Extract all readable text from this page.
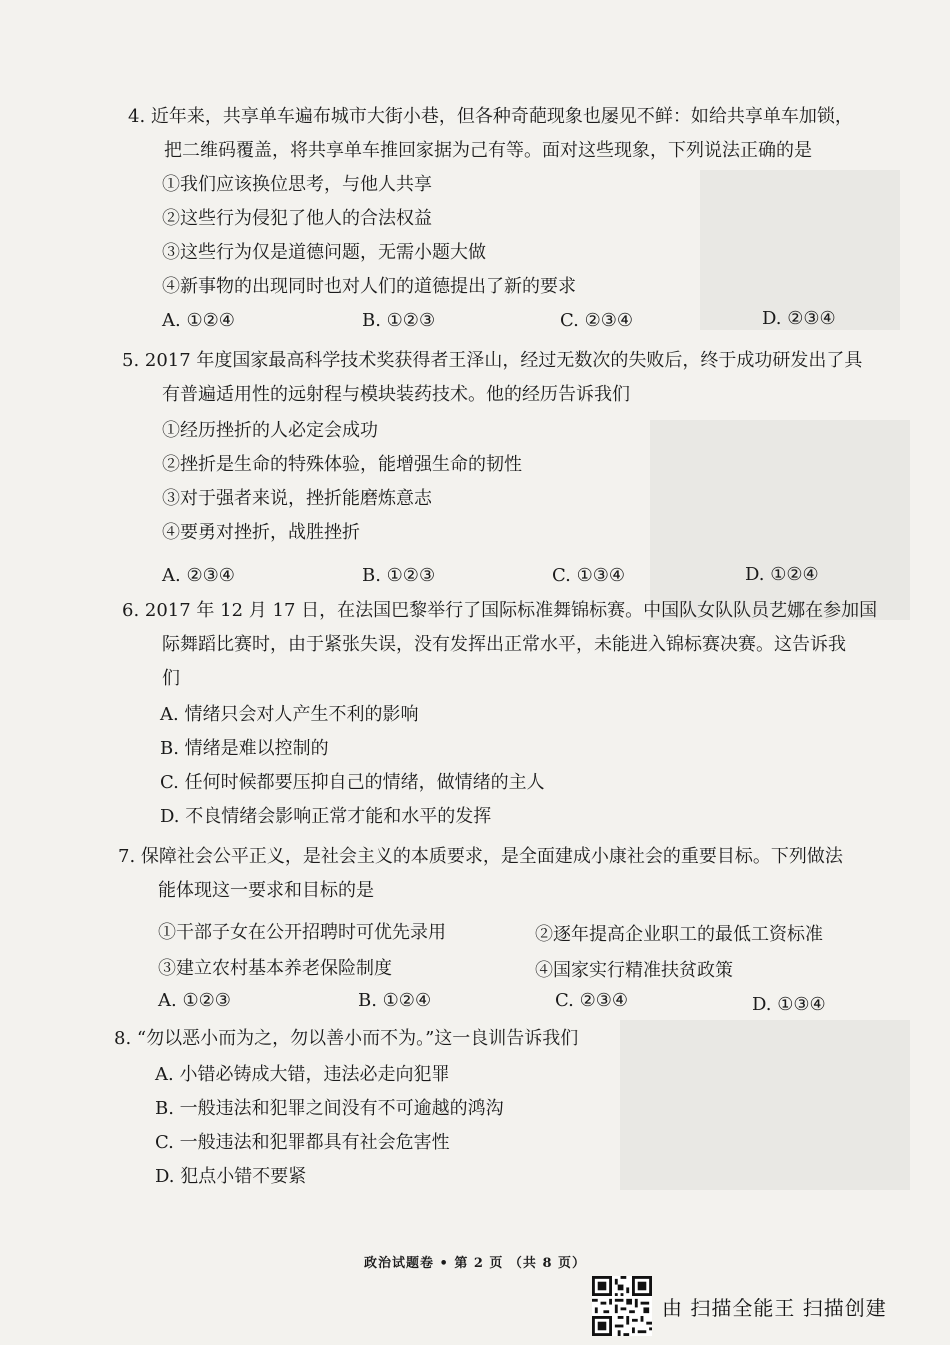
4. 近年来，共享单车遍布城市大街小巷，但各种奇葩现象也屡见不鲜：如给共享单车加锁，
把二维码覆盖，将共享单车推回家据为己有等。面对这些现象，下列说法正确的是
①我们应该换位思考，与他人共享
②这些行为侵犯了他人的合法权益
③这些行为仅是道德问题，无需小题大做
④新事物的出现同时也对人们的道德提出了新的要求
A. ①②④	B. ①②③	C. ②③④	D. ②③④
5. 2017 年度国家最高科学技术奖获得者王泽山，经过无数次的失败后，终于成功研发出了具
有普遍适用性的远射程与模块装药技术。他的经历告诉我们
①经历挫折的人必定会成功
②挫折是生命的特殊体验，能增强生命的韧性
③对于强者来说，挫折能磨炼意志
④要勇对挫折，战胜挫折
A. ②③④	B. ①②③	C. ①③④	D. ①②④
6. 2017 年 12 月 17 日，在法国巴黎举行了国际标准舞锦标赛。中国队女队队员艺娜在参加国
际舞蹈比赛时，由于紧张失误，没有发挥出正常水平，未能进入锦标赛决赛。这告诉我
们
A. 情绪只会对人产生不利的影响
B. 情绪是难以控制的
C. 任何时候都要压抑自己的情绪，做情绪的主人
D. 不良情绪会影响正常才能和水平的发挥
7. 保障社会公平正义，是社会主义的本质要求，是全面建成小康社会的重要目标。下列做法
能体现这一要求和目标的是
①干部子女在公开招聘时可优先录用	②逐年提高企业职工的最低工资标准
③建立农村基本养老保险制度	④国家实行精准扶贫政策
A. ①②③	B. ①②④	C. ②③④	D. ①③④
8. “勿以恶小而为之，勿以善小而不为。”这一良训告诉我们
A. 小错必铸成大错，违法必走向犯罪
B. 一般违法和犯罪之间没有不可逾越的鸿沟
C. 一般违法和犯罪都具有社会危害性
D. 犯点小错不要紧
政治试题卷 • 第 2 页 （共 8 页）
由 扫描全能王 扫描创建
